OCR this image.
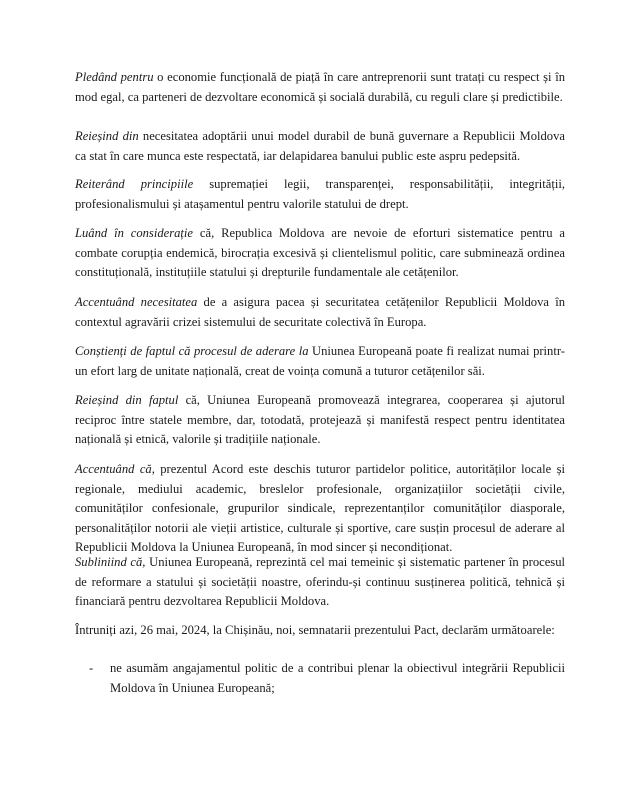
Pledând pentru o economie funcțională de piață în care antreprenorii sunt tratați cu respect și în mod egal, ca parteneri de dezvoltare economică și socială durabilă, cu reguli clare și predictibile.

Reieșind din necesitatea adoptării unui model durabil de bună guvernare a Republicii Moldova ca stat în care munca este respectată, iar delapidarea banului public este aspru pedepsită.

Reiterând principiile supremației legii, transparenței, responsabilității, integrității, profesionalismului și atașamentul pentru valorile statului de drept.

Luând în considerație că, Republica Moldova are nevoie de eforturi sistematice pentru a combate corupția endemică, birocrația excesivă și clientelismul politic, care subminează ordinea constituțională, instituțiile statului și drepturile fundamentale ale cetățenilor.

Accentuând necesitatea de a asigura pacea și securitatea cetățenilor Republicii Moldova în contextul agravării crizei sistemului de securitate colectivă în Europa.

Conștienți de faptul că procesul de aderare la Uniunea Europeană poate fi realizat numai printr-un efort larg de unitate națională, creat de voința comună a tuturor cetățenilor săi.

Reieșind din faptul că, Uniunea Europeană promovează integrarea, cooperarea și ajutorul reciproc între statele membre, dar, totodată, protejează și manifestă respect pentru identitatea națională și etnică, valorile și tradițiile naționale.

Accentuând că, prezentul Acord este deschis tuturor partidelor politice, autorităților locale și regionale, mediului academic, breslelor profesionale, organizațiilor societății civile, comunităților confesionale, grupurilor sindicale, reprezentanților comunităților diasporale, personalităților notorii ale vieții artistice, culturale și sportive, care susțin procesul de aderare al Republicii Moldova la Uniunea Europeană, în mod sincer și necondiționat.

Subliniind că, Uniunea Europeană, reprezintă cel mai temeinic și sistematic partener în procesul de reformare a statului și societății noastre, oferindu-și continuu susținerea politică, tehnică și financiară pentru dezvoltarea Republicii Moldova.

Întruniți azi, 26 mai, 2024, la Chișinău, noi, semnatarii prezentului Pact, declarăm următoarele:

-	ne asumăm angajamentul politic de a contribui plenar la obiectivul integrării Republicii Moldova în Uniunea Europeană;
